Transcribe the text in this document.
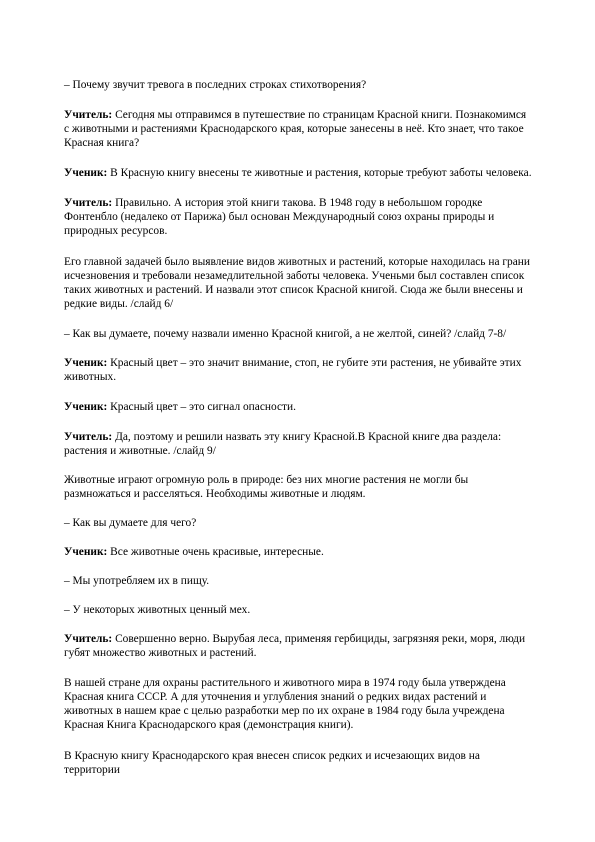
– Почему звучит тревога в последних строках стихотворения?

Учитель: Сегодня мы отправимся в путешествие по страницам Красной книги. Познакомимся с животными и растениями Краснодарского края, которые занесены в неё. Кто знает, что такое Красная книга?

Ученик: В Красную книгу внесены те животные и растения, которые требуют заботы человека.

Учитель: Правильно. А история этой книги такова. В 1948 году в небольшом городке Фонтенбло (недалеко от Парижа) был основан Международный союз охраны природы и природных ресурсов.

Его главной задачей было выявление видов животных и растений, которые находилась на грани исчезновения и требовали незамедлительной заботы человека. Ученьми был составлен список таких животных и растений. И назвали этот список Красной книгой. Сюда же были внесены и редкие виды. /слайд 6/

– Как вы думаете, почему назвали именно Красной книгой, а не желтой, синей? /слайд 7-8/

Ученик: Красный цвет – это значит внимание, стоп, не губите эти растения, не убивайте этих животных.

Ученик: Красный цвет – это сигнал опасности.

Учитель: Да, поэтому и решили назвать эту книгу Красной.В Красной книге два раздела: растения и животные. /слайд 9/

Животные играют огромную роль в природе: без них многие растения не могли бы размножаться и расселяться. Необходимы животные и людям.

– Как вы думаете для чего?

Ученик: Все животные очень красивые, интересные.

– Мы употребляем их в пищу.

– У некоторых животных ценный мех.

Учитель: Совершенно верно. Вырубая леса, применяя гербициды, загрязняя реки, моря, люди губят множество животных и растений.

В нашей стране для охраны растительного и животного мира в 1974 году была утверждена Красная книга СССР. А для уточнения и углубления знаний о редких видах растений и животных в нашем крае с целью разработки мер по их охране в 1984 году была учреждена Красная Книга Краснодарского края (демонстрация книги).

В Красную книгу Краснодарского края внесен список редких и исчезающих видов на территории
